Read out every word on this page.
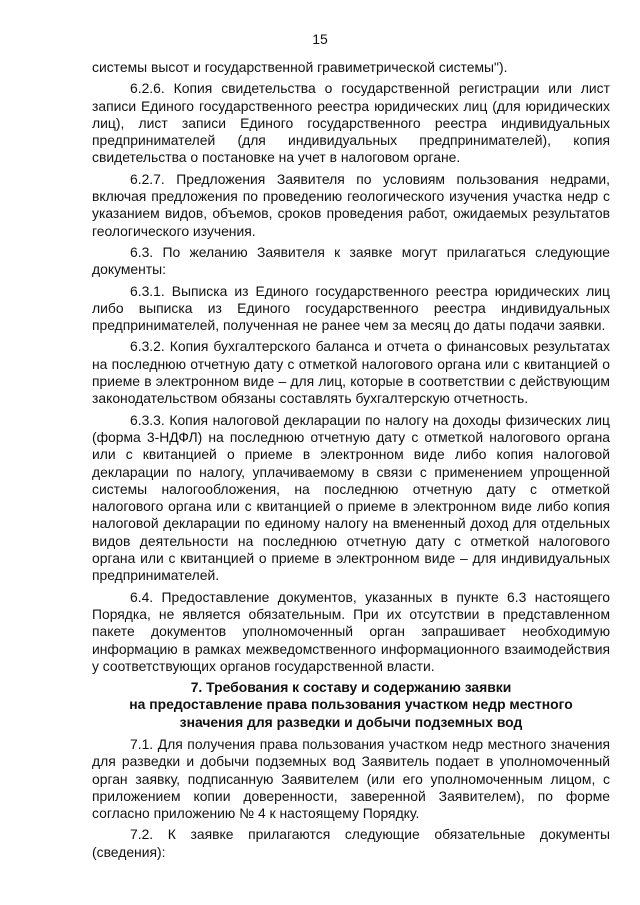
15

системы высот и государственной гравиметрической системы").

6.2.6. Копия свидетельства о государственной регистрации или лист записи Единого государственного реестра юридических лиц (для юридических лиц), лист записи Единого государственного реестра индивидуальных предпринимателей (для индивидуальных предпринимателей), копия свидетельства о постановке на учет в налоговом органе.

6.2.7. Предложения Заявителя по условиям пользования недрами, включая предложения по проведению геологического изучения участка недр с указанием видов, объемов, сроков проведения работ, ожидаемых результатов геологического изучения.

6.3. По желанию Заявителя к заявке могут прилагаться следующие документы:

6.3.1. Выписка из Единого государственного реестра юридических лиц либо выписка из Единого государственного реестра индивидуальных предпринимателей, полученная не ранее чем за месяц до даты подачи заявки.

6.3.2. Копия бухгалтерского баланса и отчета о финансовых результатах на последнюю отчетную дату с отметкой налогового органа или с квитанцией о приеме в электронном виде – для лиц, которые в соответствии с действующим законодательством обязаны составлять бухгалтерскую отчетность.

6.3.3. Копия налоговой декларации по налогу на доходы физических лиц (форма 3-НДФЛ) на последнюю отчетную дату с отметкой налогового органа или с квитанцией о приеме в электронном виде либо копия налоговой декларации по налогу, уплачиваемому в связи с применением упрощенной системы налогообложения, на последнюю отчетную дату с отметкой налогового органа или с квитанцией о приеме в электронном виде либо копия налоговой декларации по единому налогу на вмененный доход для отдельных видов деятельности на последнюю отчетную дату с отметкой налогового органа или с квитанцией о приеме в электронном виде – для индивидуальных предпринимателей.

6.4. Предоставление документов, указанных в пункте 6.3 настоящего Порядка, не является обязательным. При их отсутствии в представленном пакете документов уполномоченный орган запрашивает необходимую информацию в рамках межведомственного информационного взаимодействия у соответствующих органов государственной власти.

7. Требования к составу и содержанию заявки
на предоставление права пользования участком недр местного
значения для разведки и добычи подземных вод

7.1. Для получения права пользования участком недр местного значения для разведки и добычи подземных вод Заявитель подает в уполномоченный орган заявку, подписанную Заявителем (или его уполномоченным лицом, с приложением копии доверенности, заверенной Заявителем), по форме согласно приложению № 4 к настоящему Порядку.

7.2. К заявке прилагаются следующие обязательные документы (сведения):
